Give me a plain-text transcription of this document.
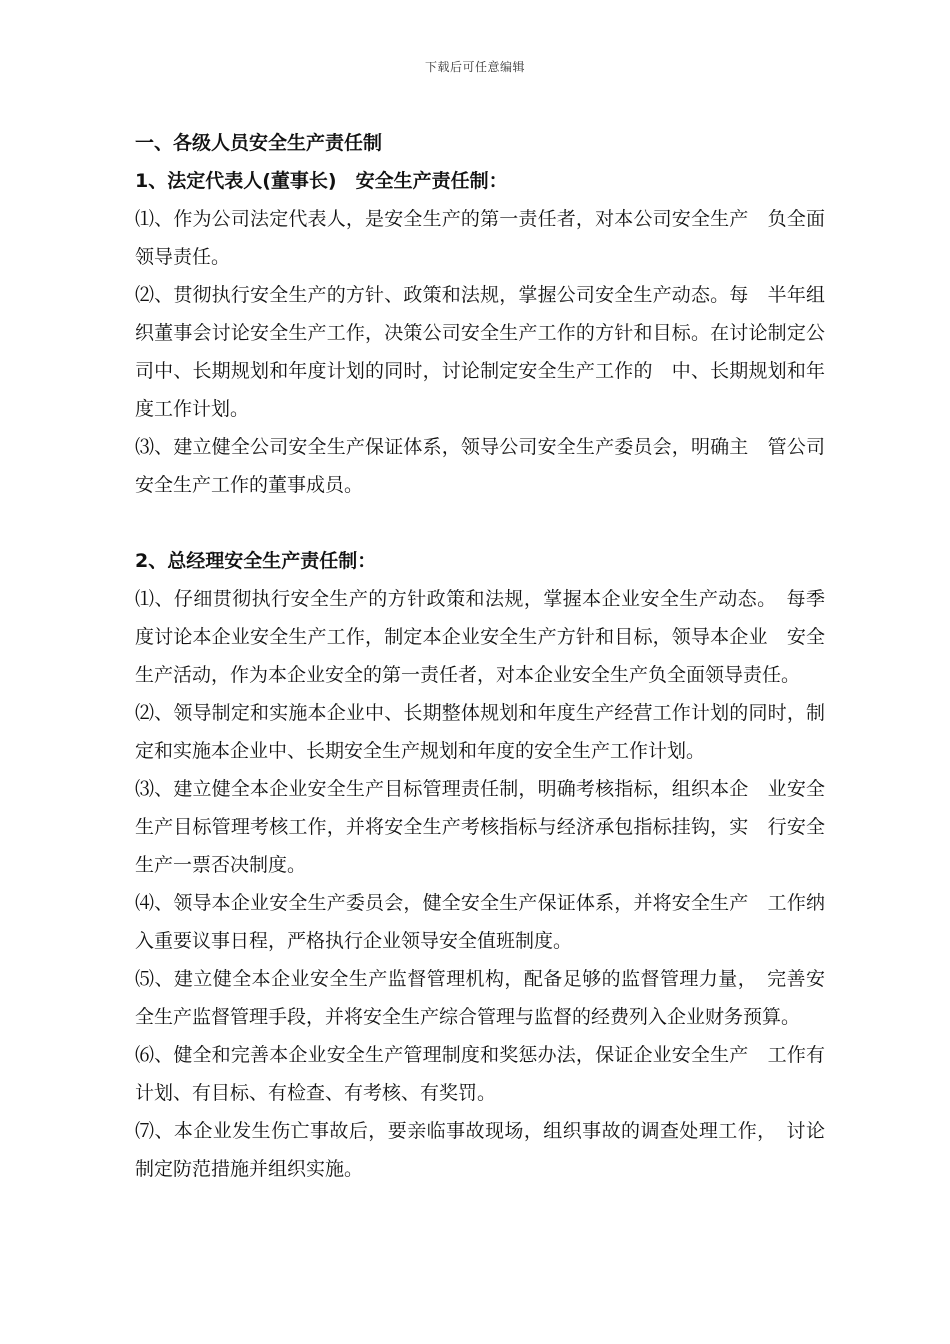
下载后可任意编辑

一、各级人员安全生产责任制

1、法定代表人(董事长)　安全生产责任制：

⑴、作为公司法定代表人，是安全生产的第一责任者，对本公司安全生产　负全面领导责任。

⑵、贯彻执行安全生产的方针、政策和法规，掌握公司安全生产动态。每　半年组织董事会讨论安全生产工作，决策公司安全生产工作的方针和目标。在讨论制定公司中、长期规划和年度计划的同时，讨论制定安全生产工作的　中、长期规划和年度工作计划。

⑶、建立健全公司安全生产保证体系，领导公司安全生产委员会，明确主　管公司安全生产工作的董事成员。

2、总经理安全生产责任制：

⑴、仔细贯彻执行安全生产的方针政策和法规，掌握本企业安全生产动态。　每季度讨论本企业安全生产工作，制定本企业安全生产方针和目标，领导本企业　安全生产活动，作为本企业安全的第一责任者，对本企业安全生产负全面领导责任。

⑵、领导制定和实施本企业中、长期整体规划和年度生产经营工作计划的同时，制定和实施本企业中、长期安全生产规划和年度的安全生产工作计划。

⑶、建立健全本企业安全生产目标管理责任制，明确考核指标，组织本企　业安全生产目标管理考核工作，并将安全生产考核指标与经济承包指标挂钩，实　行安全生产一票否决制度。

⑷、领导本企业安全生产委员会，健全安全生产保证体系，并将安全生产　工作纳入重要议事日程，严格执行企业领导安全值班制度。

⑸、建立健全本企业安全生产监督管理机构，配备足够的监督管理力量，　完善安全生产监督管理手段，并将安全生产综合管理与监督的经费列入企业财务预算。

⑹、健全和完善本企业安全生产管理制度和奖惩办法，保证企业安全生产　工作有计划、有目标、有检查、有考核、有奖罚。

⑺、本企业发生伤亡事故后，要亲临事故现场，组织事故的调查处理工作，　讨论制定防范措施并组织实施。
